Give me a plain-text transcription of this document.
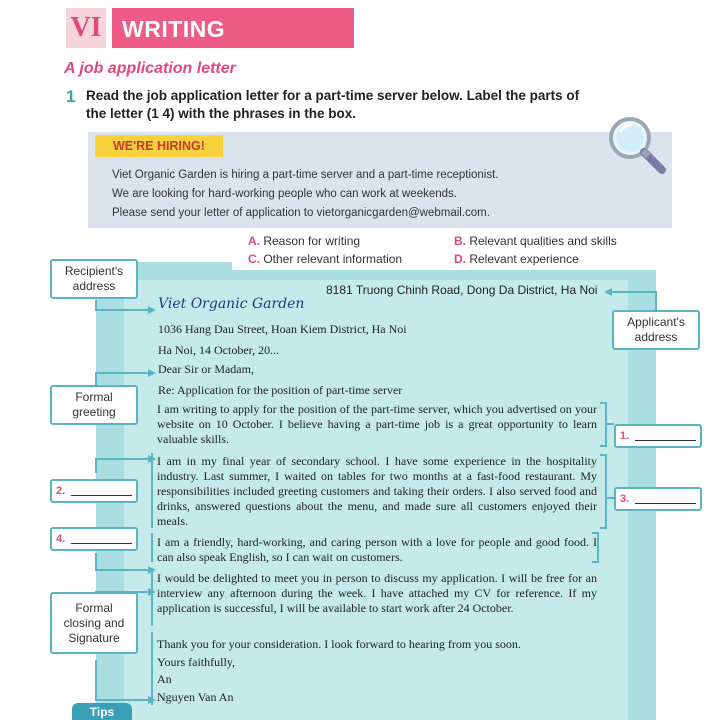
VI WRITING
A job application letter
1 Read the job application letter for a part-time server below. Label the parts of the letter (1 4) with the phrases in the box.
WE'RE HIRING!
Viet Organic Garden is hiring a part-time server and a part-time receptionist.
We are looking for hard-working people who can work at weekends.
Please send your letter of application to vietorganicgarden@webmail.com.
A. Reason for writing	B. Relevant qualities and skills
C. Other relevant information	D. Relevant experience
8181 Truong Chinh Road, Dong Da District, Ha Noi
Viet Organic Garden
1036 Hang Dau Street, Hoan Kiem District, Ha Noi
Ha Noi, 14 October, 20...
Dear Sir or Madam,
Re: Application for the position of part-time server
I am writing to apply for the position of the part-time server, which you advertised on your website on 10 October. I believe having a part-time job is a great opportunity to learn valuable skills.
I am in my final year of secondary school. I have some experience in the hospitality industry. Last summer, I waited on tables for two months at a fast-food restaurant. My responsibilities included greeting customers and taking their orders. I also served food and drinks, answered questions about the menu, and made sure all customers enjoyed their meals.
I am a friendly, hard-working, and caring person with a love for people and good food. I can also speak English, so I can wait on customers.
I would be delighted to meet you in person to discuss my application. I will be free for an interview any afternoon during the week. I have attached my CV for reference. If my application is successful, I will be available to start work after 24 October.
Thank you for your consideration. I look forward to hearing from you soon.
Yours faithfully,
An
Nguyen Van An
Recipient's address
Applicant's address
Formal greeting
Formal closing and Signature
1.
2.
3.
4.
Tips
